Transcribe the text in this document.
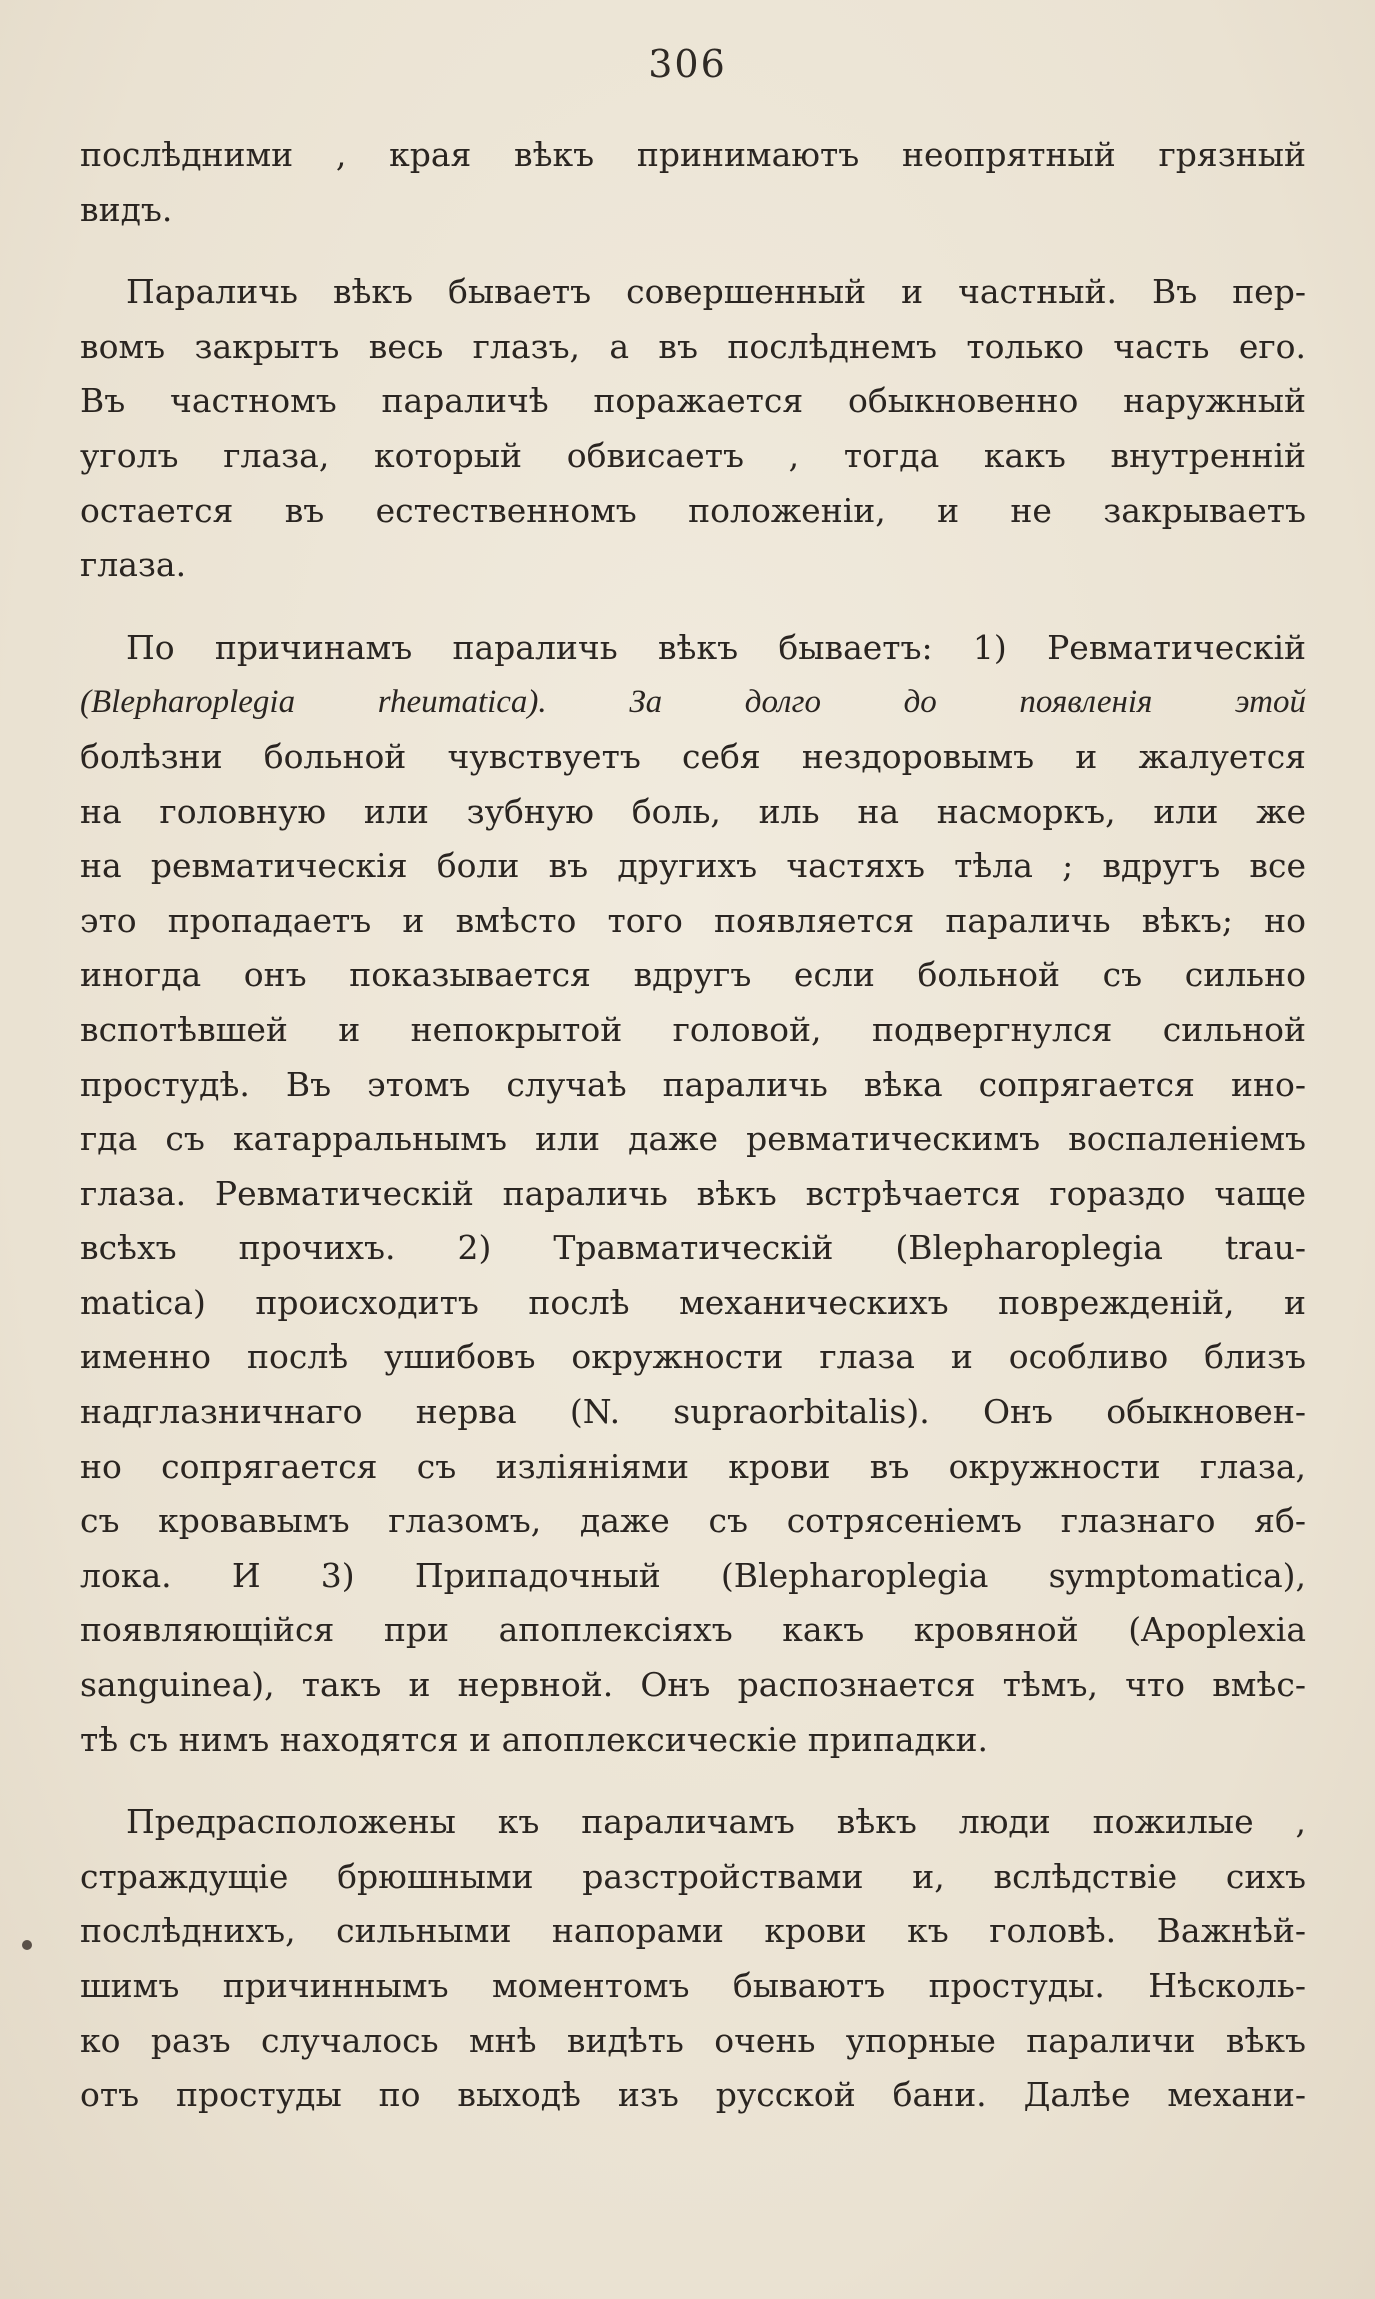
306

послѣдними , края вѣкъ принимаютъ неопрятный грязный
видъ.

Параличь вѣкъ бываетъ совершенный и частный. Въ пер-
вомъ закрытъ весь глазъ, а въ послѣднемъ только часть его.
Въ частномъ параличѣ поражается обыкновенно наружный
уголъ глаза, который обвисаетъ , тогда какъ внутренній
остается въ естественномъ положеніи, и не закрываетъ
глаза.

По причинамъ параличь вѣкъ бываетъ: 1) Ревматическій
(Blepharoplegia rheumatica). За долго до появленія этой
болѣзни больной чувствуетъ себя нездоровымъ и жалуется
на головную или зубную боль, иль на насморкъ, или же
на ревматическія боли въ другихъ частяхъ тѣла ; вдругъ все
это пропадаетъ и вмѣсто того появляется параличь вѣкъ; но
иногда онъ показывается вдругъ если больной съ сильно
вспотѣвшей и непокрытой головой, подвергнулся сильной
простудѣ. Въ этомъ случаѣ параличь вѣка сопрягается ино-
гда съ катарральнымъ или даже ревматическимъ воспаленіемъ
глаза. Ревматическій параличь вѣкъ встрѣчается гораздо чаще
всѣхъ прочихъ. 2) Травматическій (Blepharoplegia trau-
matica) происходитъ послѣ механическихъ поврежденій, и
именно послѣ ушибовъ окружности глаза и особливо близъ
надглазничнаго нерва (N. supraorbitalis). Онъ обыкновен-
но сопрягается съ изліяніями крови въ окружности глаза,
съ кровавымъ глазомъ, даже съ сотрясеніемъ глазнаго яб-
лока. И 3) Припадочный (Blepharoplegia symptomatica),
появляющійся при апоплексіяхъ какъ кровяной (Apoplexia
sanguinea), такъ и нервной. Онъ распознается тѣмъ, что вмѣс-
тѣ съ нимъ находятся и апоплексическіе припадки.

Предрасположены къ параличамъ вѣкъ люди пожилые ,
страждущіе брюшными разстройствами и, вслѣдствіе сихъ
послѣднихъ, сильными напорами крови къ головѣ. Важнѣй-
шимъ причиннымъ моментомъ бываютъ простуды. Нѣсколь-
ко разъ случалось мнѣ видѣть очень упорные параличи вѣкъ
отъ простуды по выходѣ изъ русской бани. Далѣе механи-
